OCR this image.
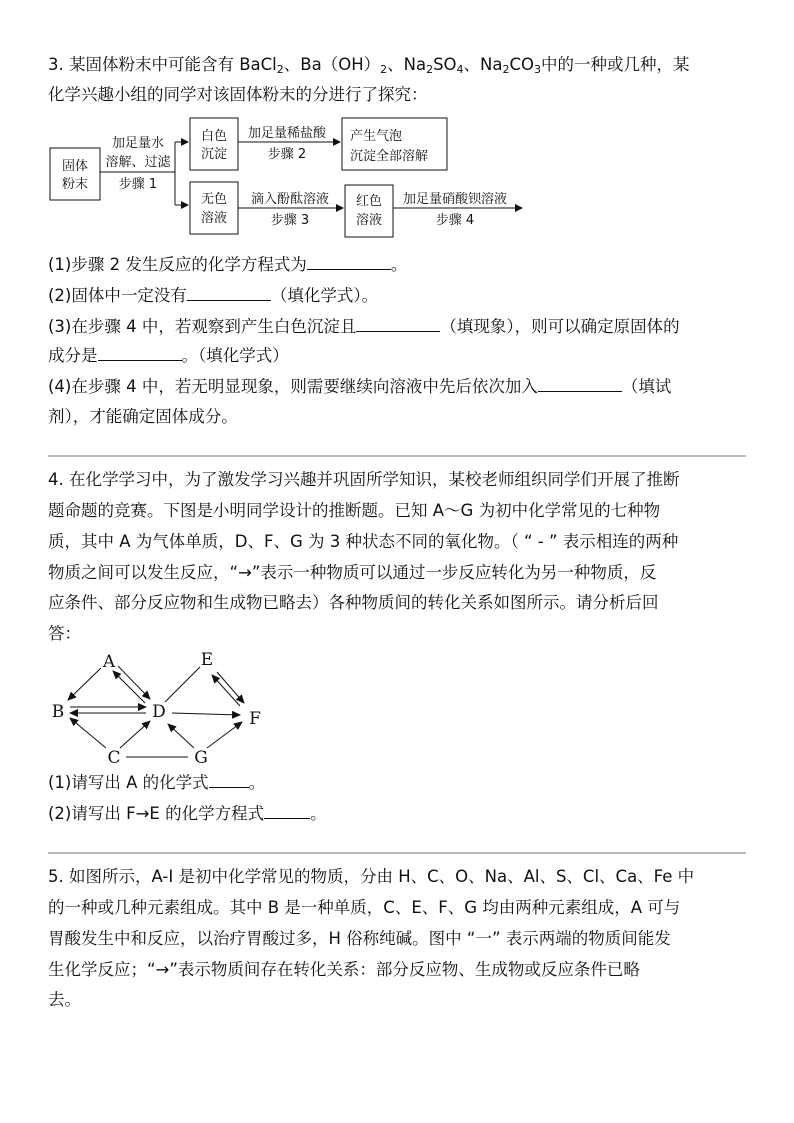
3. 某固体粉末中可能含有 BaCl$_2$、$Ba(OH)_2$、$Na_2SO_4$、$Na_2CO_3$中的一种或几种，某

化学兴趣小组的同学对该固体粉末的分进行了探究：

固体
粉末
加足量水
溶解、过滤
步骤 1
白色
沉淀
加足量稀盐酸
步骤 2
产生气泡
沉淀全部溶解
无色
溶液
滴入酚酞溶液
步骤 3
红色
溶液
加足量硝酸钡溶液
步骤 4

(1)步骤 2 发生反应的化学方程式为	。

(2)固体中一定没有	（填化学式）。

(3)在步骤 4 中，若观察到产生白色沉淀且	（填现象），则可以确定原固体的

成分是	。（填化学式）

(4)在步骤 4 中，若无明显现象，则需要继续向溶液中先后依次加入	（填试

剂），才能确定固体成分。

4. 在化学学习中，为了激发学习兴趣并巩固所学知识，某校老师组织同学们开展了推断

题命题的竞赛。下图是小明同学设计的推断题。已知 A～G 为初中化学常见的七种物

质，其中 A 为气体单质，D、F、G 为 3 种状态不同的氧化物。（ “ - ” 表示相连的两种

物质之间可以发生反应，“→”表示一种物质可以通过一步反应转化为另一种物质，反

应条件、部分反应物和生成物已略去）各种物质间的转化关系如图所示。请分析后回

答：

A
B
C
D
E
F
G

(1)请写出 A 的化学式 。

(2)请写出 F→E 的化学方程式	。

5. 如图所示，A-I 是初中化学常见的物质，分由 H、C、O、Na、Al、S、Cl、Ca、Fe 中

的一种或几种元素组成。其中 B 是一种单质，C、E、F、G 均由两种元素组成，A 可与

胃酸发生中和反应，以治疗胃酸过多，H 俗称纯碱。图中 “一” 表示两端的物质间能发

生化学反应；“→”表示物质间存在转化关系：部分反应物、生成物或反应条件已略

去。
